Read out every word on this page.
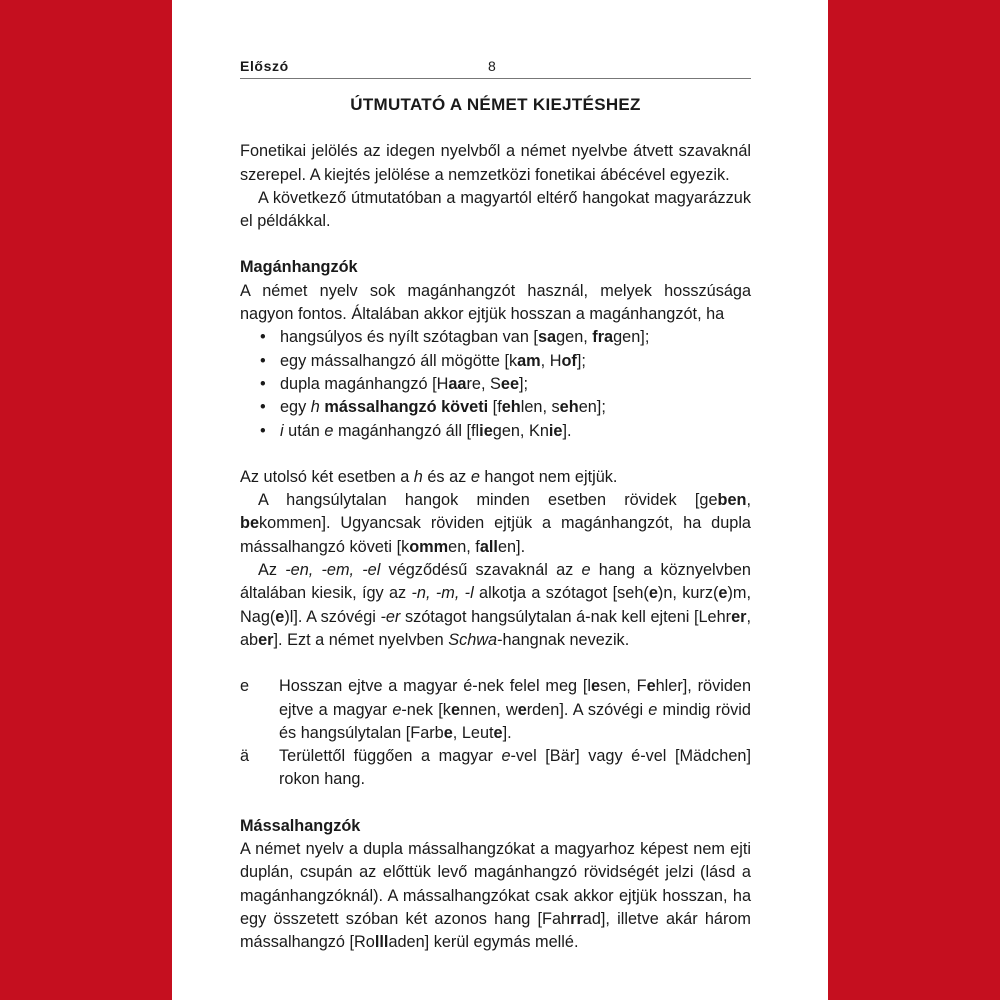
Előszó	8
ÚTMUTATÓ A NÉMET KIEJTÉSHEZ

Fonetikai jelölés az idegen nyelvből a német nyelvbe átvett szavaknál szerepel. A kiejtés jelölése a nemzetközi fonetikai ábécével egyezik.

A következő útmutatóban a magyartól eltérő hangokat magyarázzuk el példákkal.

Magánhangzók

A német nyelv sok magánhangzót használ, melyek hosszúsága nagyon fontos. Általában akkor ejtjük hosszan a magánhangzót, ha

• hangsúlyos és nyílt szótagban van [sagen, fragen];
• egy mássalhangzó áll mögötte [kam, Hof];
• dupla magánhangzó [Haare, See];
• egy h mássalhangzó követi [fehlen, sehen];
• i után e magánhangzó áll [fliegen, Knie].

Az utolsó két esetben a h és az e hangot nem ejtjük.

A hangsúlytalan hangok minden esetben rövidek [geben, bekommen]. Ugyancsak röviden ejtjük a magánhangzót, ha dupla mássalhangzó követi [kommen, fallen].

Az -en, -em, -el végződésű szavaknál az e hang a köznyelvben általában kiesik, így az -n, -m, -l alkotja a szótagot [seh(e)n, kurz(e)m, Nag(e)l]. A szóvégi -er szótagot hangsúlytalan á-nak kell ejteni [Lehrer, aber]. Ezt a német nyelvben Schwa-hangnak nevezik.

e Hosszan ejtve a magyar é-nek felel meg [lesen, Fehler], röviden ejtve a magyar e-nek [kennen, werden]. A szóvégi e mindig rövid és hangsúlytalan [Farbe, Leute].

ä Területtől függően a magyar e-vel [Bär] vagy é-vel [Mädchen] rokon hang.

Mássalhangzók

A német nyelv a dupla mássalhangzókat a magyarhoz képest nem ejti duplán, csupán az előttük levő magánhangzó rövidségét jelzi (lásd a magánhangzóknál). A mássalhangzókat csak akkor ejtjük hosszan, ha egy összetett szóban két azonos hang [Fahrrad], illetve akár három mássalhangzó [Rollladen] kerül egymás mellé.
